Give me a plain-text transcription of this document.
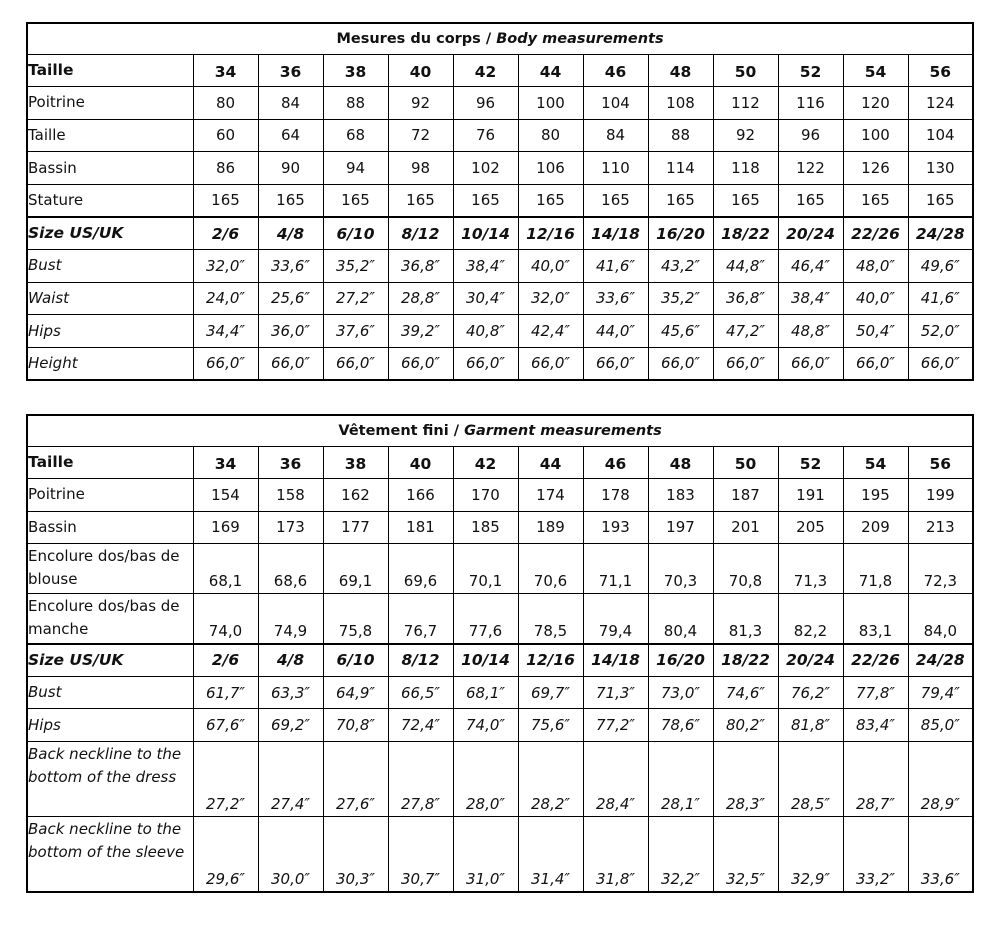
Mesures du corps / Body measurements												
Taille	34	36	38	40	42	44	46	48	50	52	54	56
Poitrine	80	84	88	92	96	100	104	108	112	116	120	124
Taille	60	64	68	72	76	80	84	88	92	96	100	104
Bassin	86	90	94	98	102	106	110	114	118	122	126	130
Stature	165	165	165	165	165	165	165	165	165	165	165	165
Size US/UK	2/6	4/8	6/10	8/12	10/14	12/16	14/18	16/20	18/22	20/24	22/26	24/28
Bust	32,0″	33,6″	35,2″	36,8″	38,4″	40,0″	41,6″	43,2″	44,8″	46,4″	48,0″	49,6″
Waist	24,0″	25,6″	27,2″	28,8″	30,4″	32,0″	33,6″	35,2″	36,8″	38,4″	40,0″	41,6″
Hips	34,4″	36,0″	37,6″	39,2″	40,8″	42,4″	44,0″	45,6″	47,2″	48,8″	50,4″	52,0″
Height	66,0″	66,0″	66,0″	66,0″	66,0″	66,0″	66,0″	66,0″	66,0″	66,0″	66,0″	66,0″
Vêtement fini / Garment measurements												
Taille	34	36	38	40	42	44	46	48	50	52	54	56
Poitrine	154	158	162	166	170	174	178	183	187	191	195	199
Bassin	169	173	177	181	185	189	193	197	201	205	209	213
Encolure dos/bas de blouse	68,1	68,6	69,1	69,6	70,1	70,6	71,1	70,3	70,8	71,3	71,8	72,3
Encolure dos/bas de manche	74,0	74,9	75,8	76,7	77,6	78,5	79,4	80,4	81,3	82,2	83,1	84,0
Size US/UK	2/6	4/8	6/10	8/12	10/14	12/16	14/18	16/20	18/22	20/24	22/26	24/28
Bust	61,7″	63,3″	64,9″	66,5″	68,1″	69,7″	71,3″	73,0″	74,6″	76,2″	77,8″	79,4″
Hips	67,6″	69,2″	70,8″	72,4″	74,0″	75,6″	77,2″	78,6″	80,2″	81,8″	83,4″	85,0″
Back neckline to the bottom of the dress	27,2″	27,4″	27,6″	27,8″	28,0″	28,2″	28,4″	28,1″	28,3″	28,5″	28,7″	28,9″
Back neckline to the bottom of the sleeve	29,6″	30,0″	30,3″	30,7″	31,0″	31,4″	31,8″	32,2″	32,5″	32,9″	33,2″	33,6″
